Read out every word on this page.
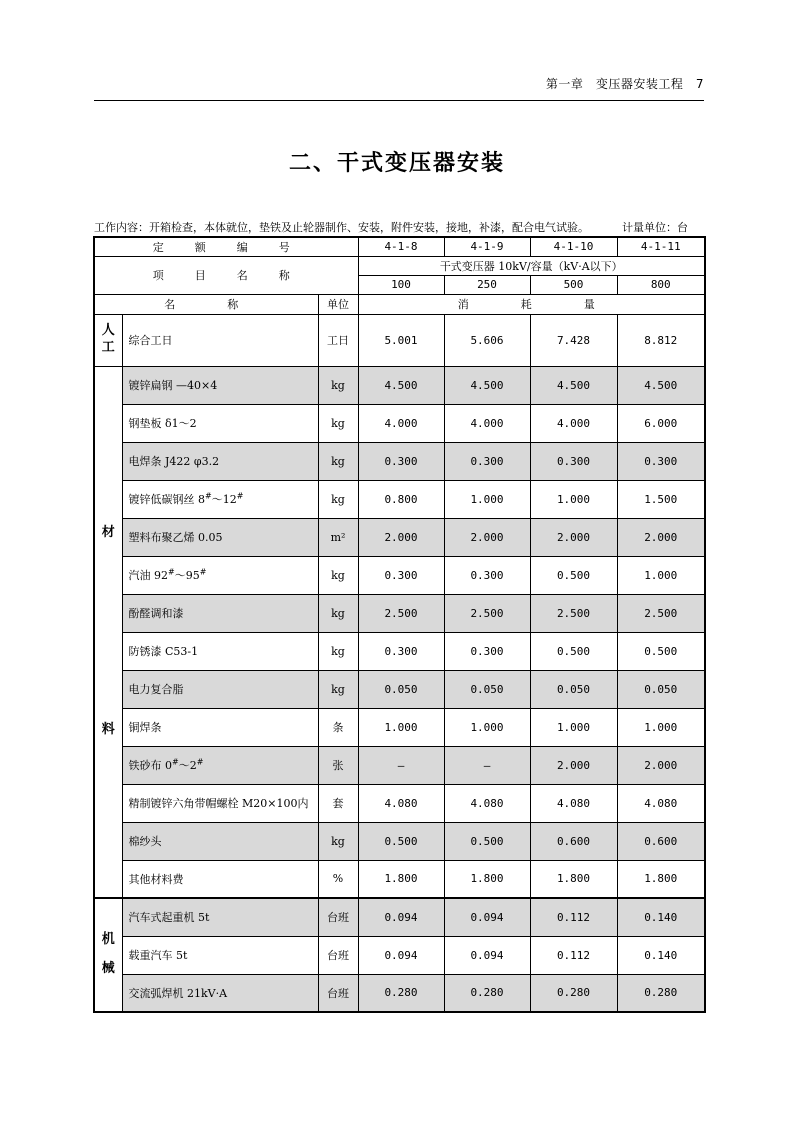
第一章　变压器安装工程　7
二、干式变压器安装
工作内容：开箱检查，本体就位，垫铁及止轮器制作、安装，附件安装，接地，补漆，配合电气试验。	计量单位：台
定　额　编　号			4-1-8	4-1-9	4-1-10	4-1-11
项　目　名　称			干式变压器 10kV/容量（kV·A以下）			
			100	250	500	800
名　　称		单位	消　　耗　　量			
人工	综合工日	工日	5.001	5.606	7.428	8.812

材
料	镀锌扁钢 —40×4	kg	4.500	4.500	4.500	4.500
	钢垫板 δ1～2	kg	4.000	4.000	4.000	6.000
	电焊条 J422 φ3.2	kg	0.300	0.300	0.300	0.300
	镀锌低碳钢丝 8#～12#	kg	0.800	1.000	1.000	1.500
	塑料布聚乙烯 0.05	m²	2.000	2.000	2.000	2.000
	汽油 92#～95#	kg	0.300	0.300	0.500	1.000
	酚醛调和漆	kg	2.500	2.500	2.500	2.500
	防锈漆 C53-1	kg	0.300	0.300	0.500	0.500
	电力复合脂	kg	0.050	0.050	0.050	0.050
	铜焊条	条	1.000	1.000	1.000	1.000
	铁砂布 0#～2#	张	—	—	2.000	2.000
	精制镀锌六角带帽螺栓 M20×100内	套	4.080	4.080	4.080	4.080
	棉纱头	kg	0.500	0.500	0.600	0.600
	其他材料费	%	1.800	1.800	1.800	1.800

机
械	汽车式起重机 5t	台班	0.094	0.094	0.112	0.140
	载重汽车 5t	台班	0.094	0.094	0.112	0.140
	交流弧焊机 21kV·A	台班	0.280	0.280	0.280	0.280
